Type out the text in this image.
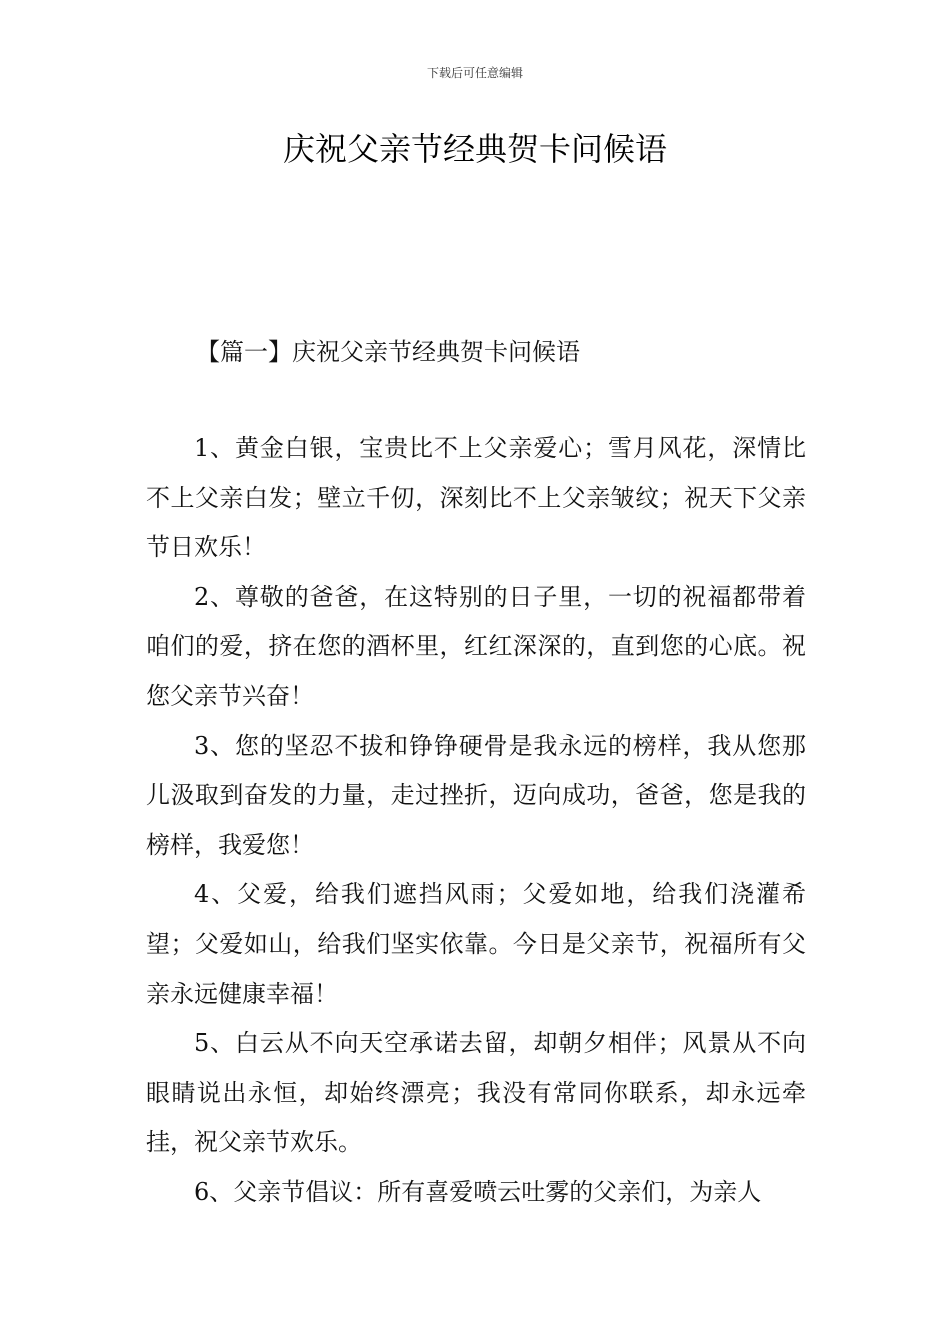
下载后可任意编辑
庆祝父亲节经典贺卡问候语
【篇一】庆祝父亲节经典贺卡问候语

1、黄金白银，宝贵比不上父亲爱心；雪月风花，深情比不上父亲白发；壁立千仞，深刻比不上父亲皱纹；祝天下父亲节日欢乐！

2、尊敬的爸爸，在这特别的日子里，一切的祝福都带着咱们的爱，挤在您的酒杯里，红红深深的，直到您的心底。祝您父亲节兴奋！

3、您的坚忍不拔和铮铮硬骨是我永远的榜样，我从您那儿汲取到奋发的力量，走过挫折，迈向成功，爸爸，您是我的榜样，我爱您！

4、父爱，给我们遮挡风雨；父爱如地，给我们浇灌希望；父爱如山，给我们坚实依靠。今日是父亲节，祝福所有父亲永远健康幸福！

5、白云从不向天空承诺去留，却朝夕相伴；风景从不向眼睛说出永恒，却始终漂亮；我没有常同你联系，却永远牵挂，祝父亲节欢乐。

6、父亲节倡议：所有喜爱喷云吐雾的父亲们，为亲人
